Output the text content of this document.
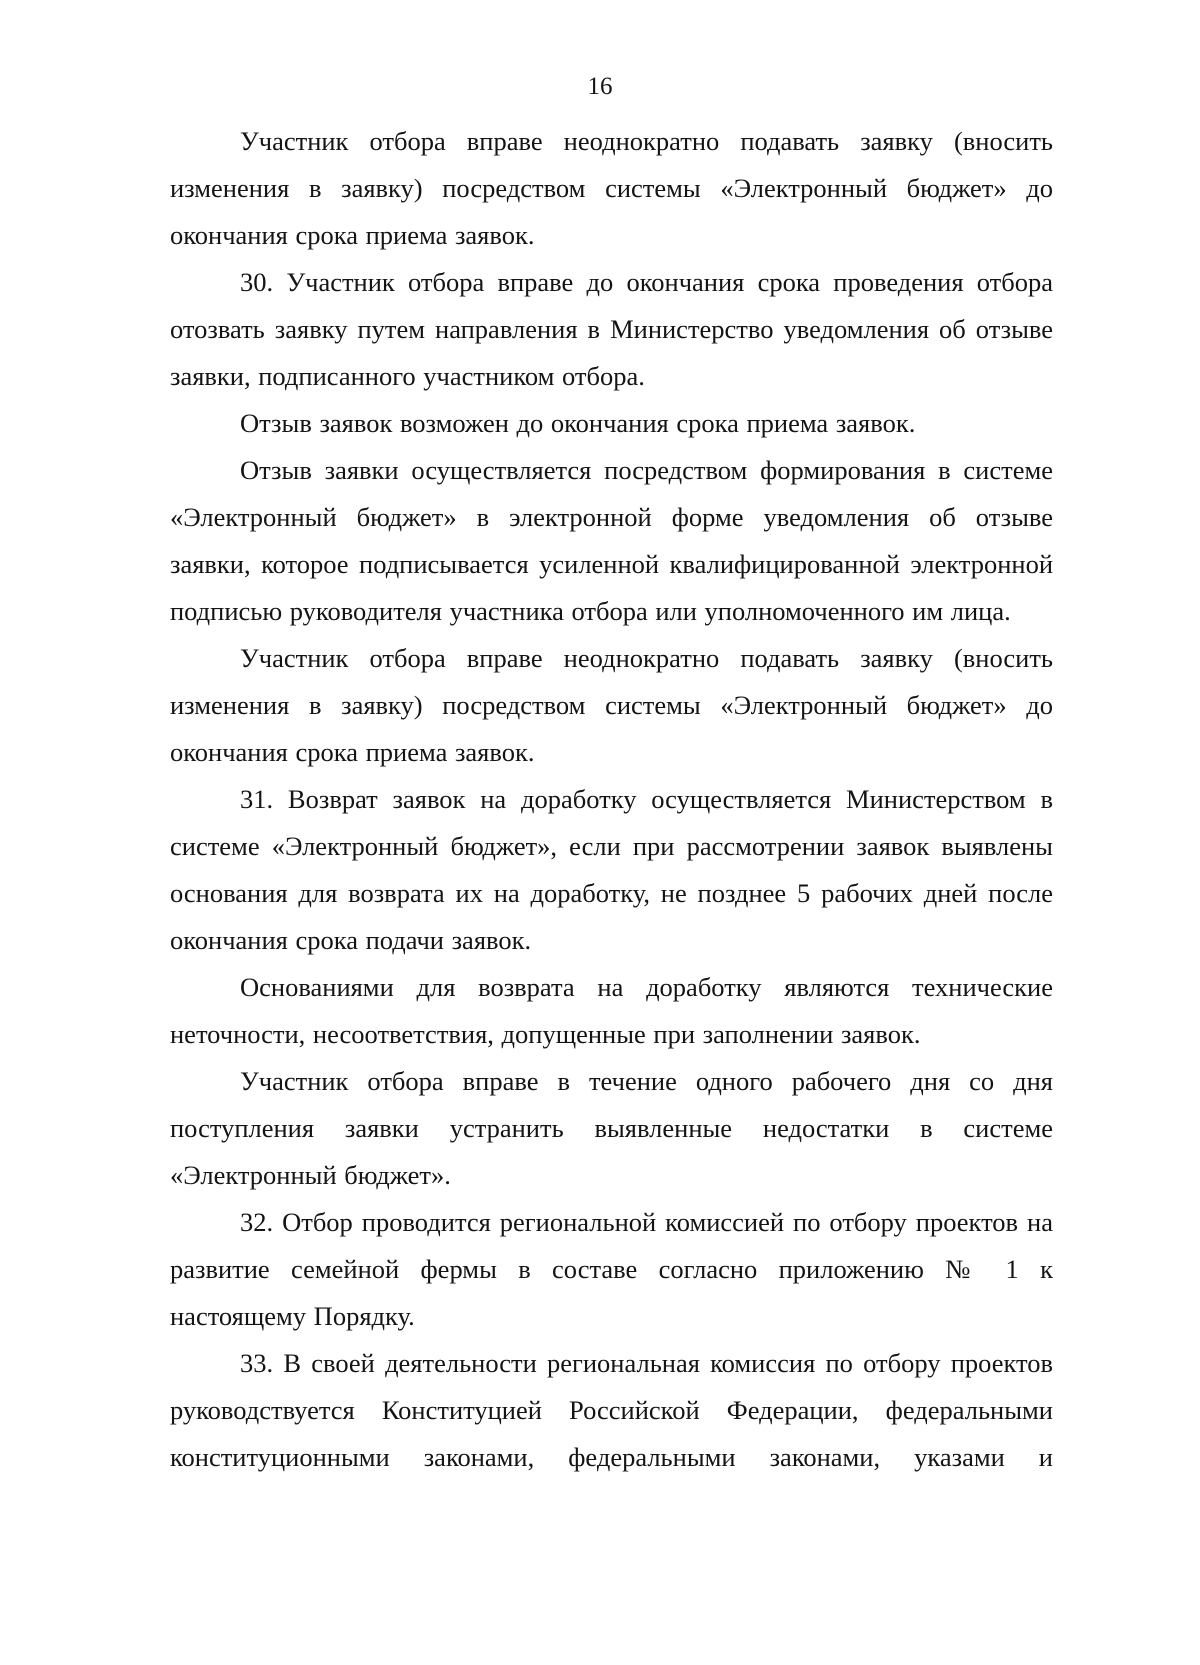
16

Участник отбора вправе неоднократно подавать заявку (вносить изменения в заявку) посредством системы «Электронный бюджет» до окончания срока приема заявок.

30. Участник отбора вправе до окончания срока проведения отбора отозвать заявку путем направления в Министерство уведомления об отзыве заявки, подписанного участником отбора.

Отзыв заявок возможен до окончания срока приема заявок.

Отзыв заявки осуществляется посредством формирования в системе «Электронный бюджет» в электронной форме уведомления об отзыве заявки, которое подписывается усиленной квалифицированной электронной подписью руководителя участника отбора или уполномоченного им лица.

Участник отбора вправе неоднократно подавать заявку (вносить изменения в заявку) посредством системы «Электронный бюджет» до окончания срока приема заявок.

31. Возврат заявок на доработку осуществляется Министерством в системе «Электронный бюджет», если при рассмотрении заявок выявлены основания для возврата их на доработку, не позднее 5 рабочих дней после окончания срока подачи заявок.

Основаниями для возврата на доработку являются технические неточности, несоответствия, допущенные при заполнении заявок.

Участник отбора вправе в течение одного рабочего дня со дня поступления заявки устранить выявленные недостатки в системе «Электронный бюджет».

32. Отбор проводится региональной комиссией по отбору проектов на развитие семейной фермы в составе согласно приложению № 1 к настоящему Порядку.

33. В своей деятельности региональная комиссия по отбору проектов руководствуется Конституцией Российской Федерации, федеральными конституционными законами, федеральными законами, указами и
